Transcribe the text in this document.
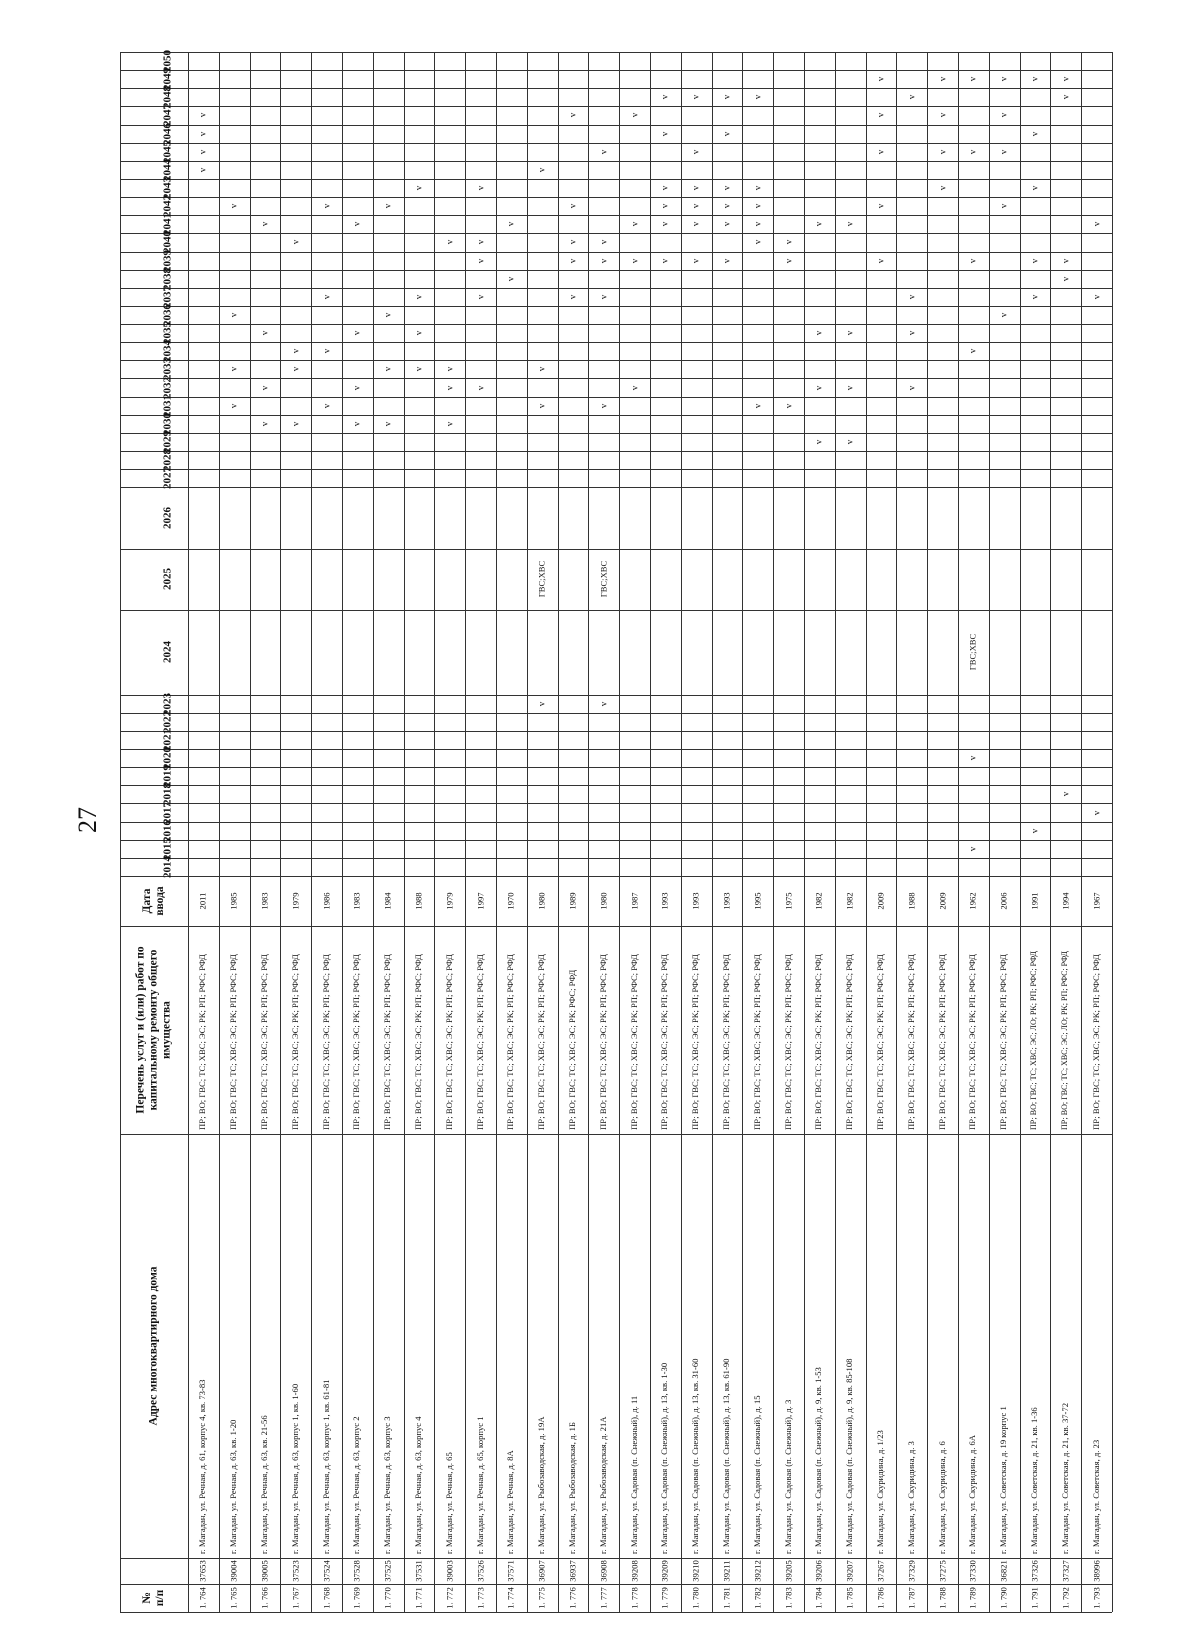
27
№ п/п
Адрес многоквартирного дома
Перечень услуг и (или) работ по капитальному ремонту общего имущества
Дата ввода
2014
2015
2016
2017
2018
2019
2020
2021
2022
2023
2024
2025
2026
2027
2028
2029
2030
2031
2032
2033
2034
2035
2036
2037
2038
2039
2040
2041
2042
2043
2044
2045
2046
2047
2048
2049
2050
1. 764
37653
г. Магадан, ул. Речная, д. 61, корпус 4, кв. 73-83
ПР; ВО; ГВС; ТС; ХВС; ЭС; РК; РП; РФС; РФД
2011
v
v
v
v
1. 765
39004
г. Магадан, ул. Речная, д. 63, кв. 1-20
ПР; ВО; ГВС; ТС; ХВС; ЭС; РК; РП; РФС; РФД
1985
v
v
v
v
1. 766
39005
г. Магадан, ул. Речная, д. 63, кв. 21-56
ПР; ВО; ГВС; ТС; ХВС; ЭС; РК; РП; РФС; РФД
1983
v
v
v
v
1. 767
37523
г. Магадан, ул. Речная, д. 63, корпус 1, кв. 1-60
ПР; ВО; ГВС; ТС; ХВС; ЭС; РК; РП; РФС; РФД
1979
v
v
v
v
1. 768
37524
г. Магадан, ул. Речная, д. 63, корпус 1, кв. 61-81
ПР; ВО; ГВС; ТС; ХВС; ЭС; РК; РП; РФС; РФД
1986
v
v
v
v
1. 769
37528
г. Магадан, ул. Речная, д. 63, корпус 2
ПР; ВО; ГВС; ТС; ХВС; ЭС; РК; РП; РФС; РФД
1983
v
v
v
v
1. 770
37525
г. Магадан, ул. Речная, д. 63, корпус 3
ПР; ВО; ГВС; ТС; ХВС; ЭС; РК; РП; РФС; РФД
1984
v
v
v
v
1. 771
37531
г. Магадан, ул. Речная, д. 63, корпус 4
ПР; ВО; ГВС; ТС; ХВС; ЭС; РК; РП; РФС; РФД
1988
v
v
v
v
1. 772
39003
г. Магадан, ул. Речная, д. 65
ПР; ВО; ГВС; ТС; ХВС; ЭС; РК; РП; РФС; РФД
1979
v
v
v
v
1. 773
37526
г. Магадан, ул. Речная, д. 65, корпус 1
ПР; ВО; ГВС; ТС; ХВС; ЭС; РК; РП; РФС; РФД
1997
v
v
v
v
v
1. 774
37571
г. Магадан, ул. Речная, д. 8А
ПР; ВО; ГВС; ТС; ХВС; ЭС; РК; РП; РФС; РФД
1970
v
v
1. 775
36907
г. Магадан, ул. Рыбозаводская, д. 19А
ПР; ВО; ГВС; ТС; ХВС; ЭС; РК; РП; РФС; РФД
1980
v
v
v
v
ГВС;ХВС
1. 776
36937
г. Магадан, ул. Рыбозаводская, д. 1Б
ПР; ВО; ГВС; ТС; ХВС; ЭС; РК; РФС; РФД
1989
v
v
v
v
v
1. 777
36908
г. Магадан, ул. Рыбозаводская, д. 21А
ПР; ВО; ГВС; ТС; ХВС; ЭС; РК; РП; РФС; РФД
1980
v
v
v
v
v
v
ГВС;ХВС
1. 778
39208
г. Магадан, ул. Садовая (п. Снежный), д. 11
ПР; ВО; ГВС; ТС; ХВС; ЭС; РК; РП; РФС; РФД
1987
v
v
v
v
1. 779
39209
г. Магадан, ул. Садовая (п. Снежный), д. 13, кв. 1-30
ПР; ВО; ГВС; ТС; ХВС; ЭС; РК; РП; РФС; РФД
1993
v
v
v
v
v
v
1. 780
39210
г. Магадан, ул. Садовая (п. Снежный), д. 13, кв. 31-60
ПР; ВО; ГВС; ТС; ХВС; ЭС; РК; РП; РФС; РФД
1993
v
v
v
v
v
v
1. 781
39211
г. Магадан, ул. Садовая (п. Снежный), д. 13, кв. 61-90
ПР; ВО; ГВС; ТС; ХВС; ЭС; РК; РП; РФС; РФД
1993
v
v
v
v
v
v
1. 782
39212
г. Магадан, ул. Садовая (п. Снежный), д. 15
ПР; ВО; ГВС; ТС; ХВС; ЭС; РК; РП; РФС; РФД
1995
v
v
v
v
v
v
1. 783
39205
г. Магадан, ул. Садовая (п. Снежный), д. 3
ПР; ВО; ГВС; ТС; ХВС; ЭС; РК; РП; РФС; РФД
1975
v
v
v
1. 784
39206
г. Магадан, ул. Садовая (п. Снежный), д. 9, кв. 1-53
ПР; ВО; ГВС; ТС; ХВС; ЭС; РК; РП; РФС; РФД
1982
v
v
v
v
1. 785
39207
г. Магадан, ул. Садовая (п. Снежный), д. 9, кв. 85-108
ПР; ВО; ГВС; ТС; ХВС; ЭС; РК; РП; РФС; РФД
1982
v
v
v
v
1. 786
37267
г. Магадан, ул. Скуридина, д. 1/23
ПР; ВО; ГВС; ТС; ХВС; ЭС; РК; РП; РФС; РФД
2009
v
v
v
v
v
1. 787
37329
г. Магадан, ул. Скуридина, д. 3
ПР; ВО; ГВС; ТС; ХВС; ЭС; РК; РП; РФС; РФД
1988
v
v
v
v
1. 788
37275
г. Магадан, ул. Скуридина, д. 6
ПР; ВО; ГВС; ТС; ХВС; ЭС; РК; РП; РФС; РФД
2009
v
v
v
v
1. 789
37330
г. Магадан, ул. Скуридина, д. 6А
ПР; ВО; ГВС; ТС; ХВС; ЭС; РК; РП; РФС; РФД
1962
v
v
v
v
v
v
ГВС;ХВС
1. 790
36821
г. Магадан, ул. Советская, д. 19 корпус 1
ПР; ВО; ГВС; ТС; ХВС; ЭС; РК; РП; РФС; РФД
2006
v
v
v
v
v
1. 791
37326
г. Магадан, ул. Советская, д. 21, кв. 1-36
ПР; ВО; ГВС; ТС; ХВС; ЭС; ЛО; РК; РП; РФС; РФД
1991
v
v
v
v
v
v
1. 792
37327
г. Магадан, ул. Советская, д. 21, кв. 37-72
ПР; ВО; ГВС; ТС; ХВС; ЭС; ЛО; РК; РП; РФС; РФД
1994
v
v
v
v
v
1. 793
38996
г. Магадан, ул. Советская, д. 23
ПР; ВО; ГВС; ТС; ХВС; ЭС; РК; РП; РФС; РФД
1967
v
v
v
